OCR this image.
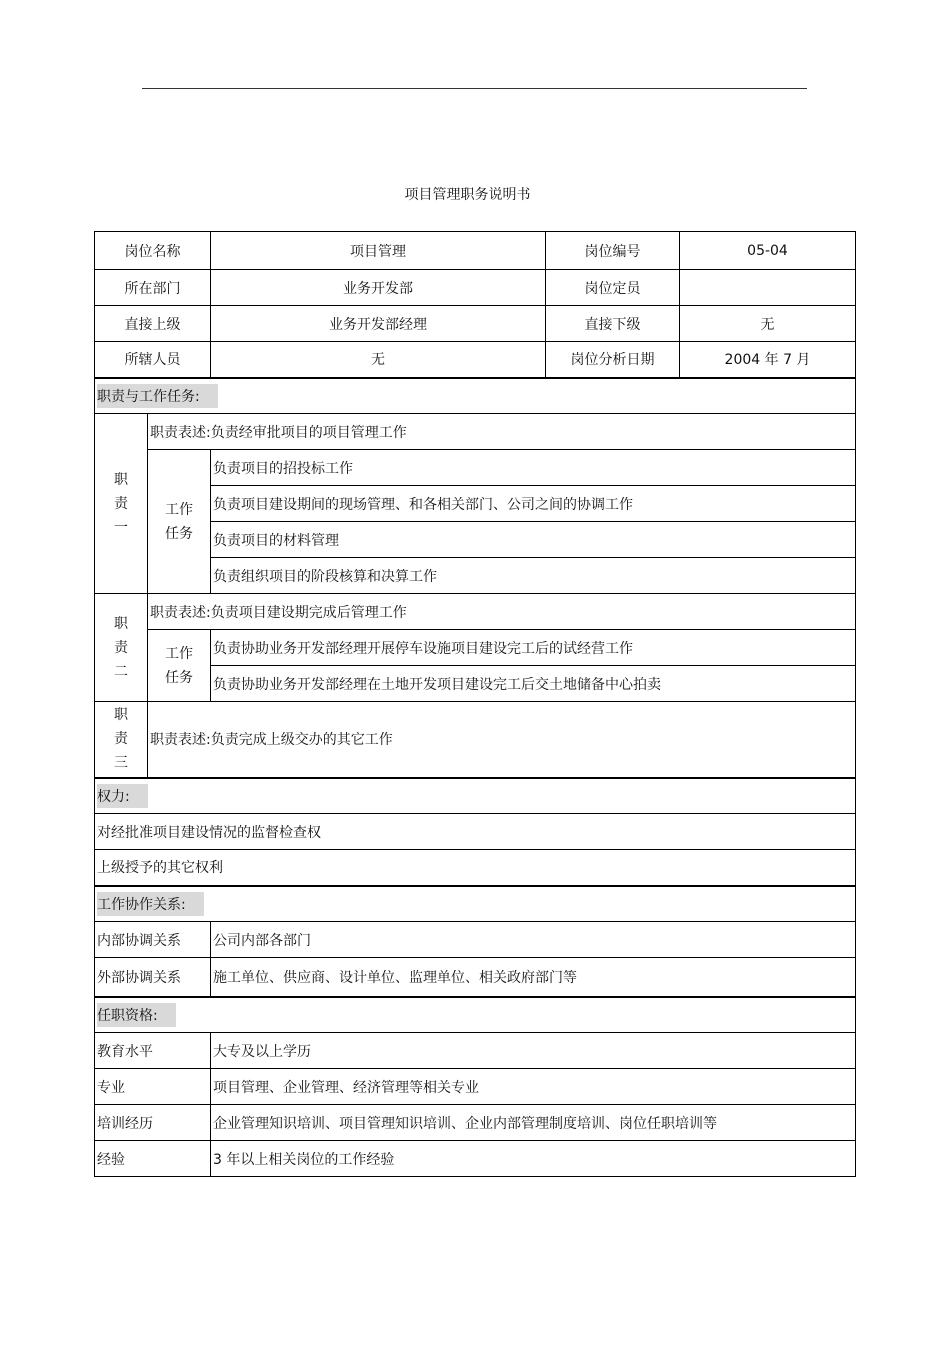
项目管理职务说明书
岗位名称		项目管理	岗位编号	05-04
所在部门		业务开发部	岗位定员	
直接上级		业务开发部经理	直接下级	无
所辖人员		无	岗位分析日期	2004 年 7 月
职责与工作任务:				

职
责
一	职责表述:负责经审批项目的项目管理工作			

	工作
任务	负责项目的招投标工作		
		负责项目建设期间的现场管理、和各相关部门、公司之间的协调工作		
		负责项目的材料管理		
		负责组织项目的阶段核算和决算工作		

职
责
二	职责表述:负责项目建设期完成后管理工作			

	工作
任务	负责协助业务开发部经理开展停车设施项目建设完工后的试经营工作		
		负责协助业务开发部经理在土地开发项目建设完工后交土地储备中心拍卖		

职
责
三	职责表述:负责完成上级交办的其它工作			
权力:				
对经批准项目建设情况的监督检查权				
上级授予的其它权利				
工作协作关系:				
内部协调关系		公司内部各部门		
外部协调关系		施工单位、供应商、设计单位、监理单位、相关政府部门等		
任职资格:				
教育水平		大专及以上学历		
专业		项目管理、企业管理、经济管理等相关专业		
培训经历		企业管理知识培训、项目管理知识培训、企业内部管理制度培训、岗位任职培训等		
经验		3 年以上相关岗位的工作经验		
